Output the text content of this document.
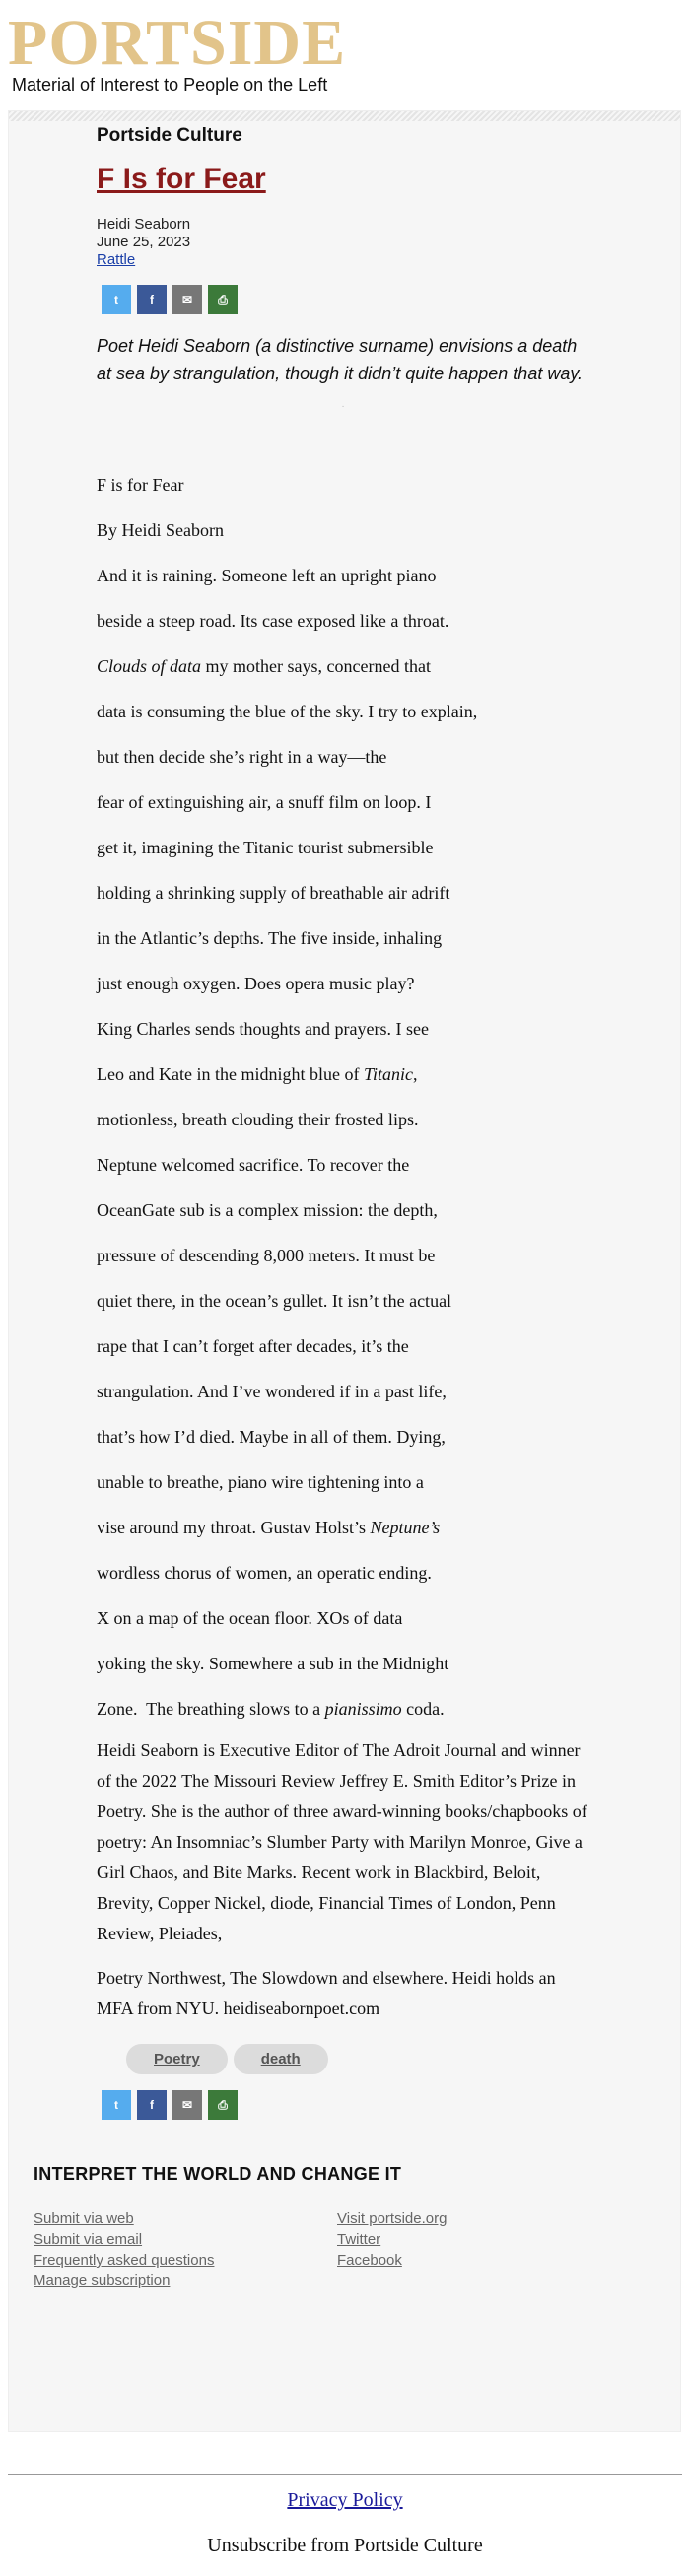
PORTSIDE
Material of Interest to People on the Left
Portside Culture
F Is for Fear
Heidi Seaborn
June 25, 2023
Rattle
t	f ✉ ⎙
Poet Heidi Seaborn (a distinctive surname) envisions a death at sea by strangulation, though it didn’t quite happen that way.
·

F is for Fear

By Heidi Seaborn

And it is raining. Someone left an upright piano

beside a steep road. Its case exposed like a throat.

Clouds of data my mother says, concerned that

data is consuming the blue of the sky. I try to explain,

but then decide she’s right in a way—the

fear of extinguishing air, a snuff film on loop. I

get it, imagining the Titanic tourist submersible

holding a shrinking supply of breathable air adrift

in the Atlantic’s depths. The five inside, inhaling

just enough oxygen. Does opera music play?

King Charles sends thoughts and prayers. I see

Leo and Kate in the midnight blue of Titanic,

motionless, breath clouding their frosted lips.

Neptune welcomed sacrifice. To recover the

OceanGate sub is a complex mission: the depth,

pressure of descending 8,000 meters. It must be

quiet there, in the ocean’s gullet. It isn’t the actual

rape that I can’t forget after decades, it’s the

strangulation. And I’ve wondered if in a past life,

that’s how I’d died. Maybe in all of them. Dying,

unable to breathe, piano wire tightening into a

vise around my throat. Gustav Holst’s Neptune’s

wordless chorus of women, an operatic ending.

X on a map of the ocean floor. XOs of data

yoking the sky. Somewhere a sub in the Midnight

Zone.  The breathing slows to a pianissimo coda.

Heidi Seaborn is Executive Editor of The Adroit Journal and winner of the 2022 The Missouri Review Jeffrey E. Smith Editor’s Prize in Poetry. She is the author of three award-winning books/chapbooks of poetry: An Insomniac’s Slumber Party with Marilyn Monroe, Give a Girl Chaos, and Bite Marks. Recent work in Blackbird, Beloit, Brevity, Copper Nickel, diode, Financial Times of London, Penn Review, Pleiades,

Poetry Northwest, The Slowdown and elsewhere. Heidi holds an MFA from NYU. heidiseabornpoet.com

Poetry	death
t	f ✉ ⎙
INTERPRET THE WORLD AND CHANGE IT
Submit via web
Submit via email
Frequently asked questions
Manage subscription
Visit portside.org
Twitter
Facebook
Privacy Policy
Unsubscribe from Portside Culture
